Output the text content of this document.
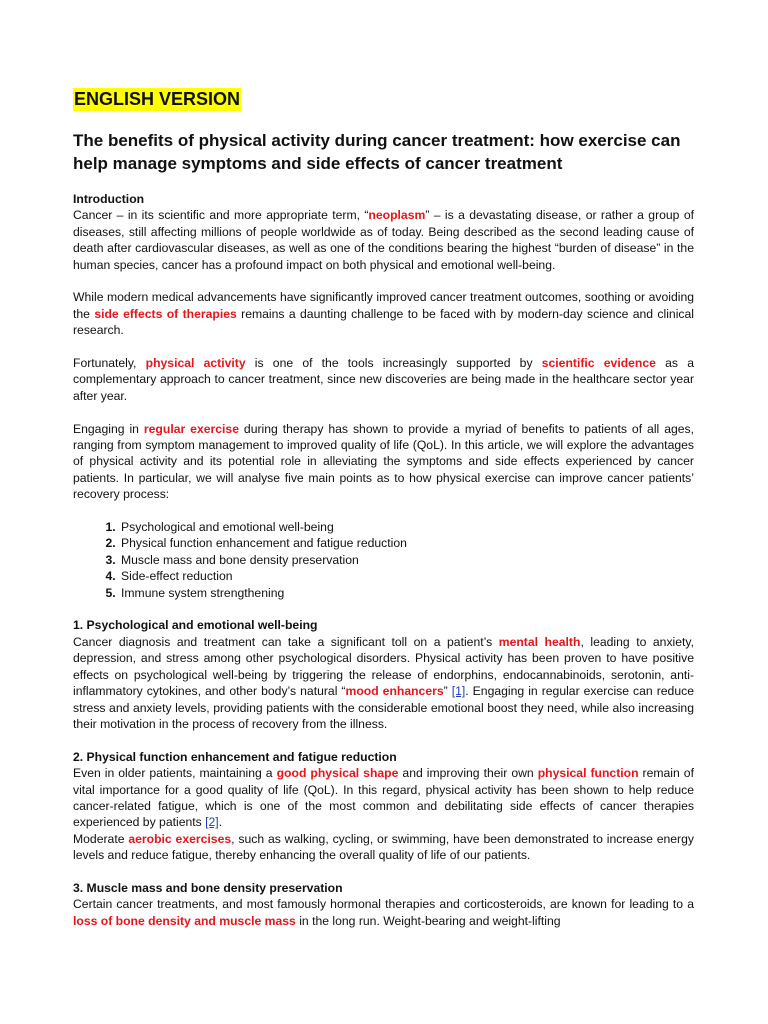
ENGLISH VERSION
The benefits of physical activity during cancer treatment: how exercise can help manage symptoms and side effects of cancer treatment
Introduction

Cancer – in its scientific and more appropriate term, “neoplasm” – is a devastating disease, or rather a group of diseases, still affecting millions of people worldwide as of today. Being described as the second leading cause of death after cardiovascular diseases, as well as one of the conditions bearing the highest “burden of disease” in the human species, cancer has a profound impact on both physical and emotional well-being.

While modern medical advancements have significantly improved cancer treatment outcomes, soothing or avoiding the side effects of therapies remains a daunting challenge to be faced with by modern-day science and clinical research.

Fortunately, physical activity is one of the tools increasingly supported by scientific evidence as a complementary approach to cancer treatment, since new discoveries are being made in the healthcare sector year after year.

Engaging in regular exercise during therapy has shown to provide a myriad of benefits to patients of all ages, ranging from symptom management to improved quality of life (QoL). In this article, we will explore the advantages of physical activity and its potential role in alleviating the symptoms and side effects experienced by cancer patients. In particular, we will analyse five main points as to how physical exercise can improve cancer patients’ recovery process:

1. Psychological and emotional well-being
2. Physical function enhancement and fatigue reduction
3. Muscle mass and bone density preservation
4. Side-effect reduction
5. Immune system strengthening
1. Psychological and emotional well-being

Cancer diagnosis and treatment can take a significant toll on a patient’s mental health, leading to anxiety, depression, and stress among other psychological disorders. Physical activity has been proven to have positive effects on psychological well-being by triggering the release of endorphins, endocannabinoids, serotonin, anti-inflammatory cytokines, and other body’s natural “mood enhancers” [1]. Engaging in regular exercise can reduce stress and anxiety levels, providing patients with the considerable emotional boost they need, while also increasing their motivation in the process of recovery from the illness.

2. Physical function enhancement and fatigue reduction

Even in older patients, maintaining a good physical shape and improving their own physical function remain of vital importance for a good quality of life (QoL). In this regard, physical activity has been shown to help reduce cancer-related fatigue, which is one of the most common and debilitating side effects of cancer therapies experienced by patients [2].

Moderate aerobic exercises, such as walking, cycling, or swimming, have been demonstrated to increase energy levels and reduce fatigue, thereby enhancing the overall quality of life of our patients.

3. Muscle mass and bone density preservation

Certain cancer treatments, and most famously hormonal therapies and corticosteroids, are known for leading to a loss of bone density and muscle mass in the long run. Weight-bearing and weight-lifting
